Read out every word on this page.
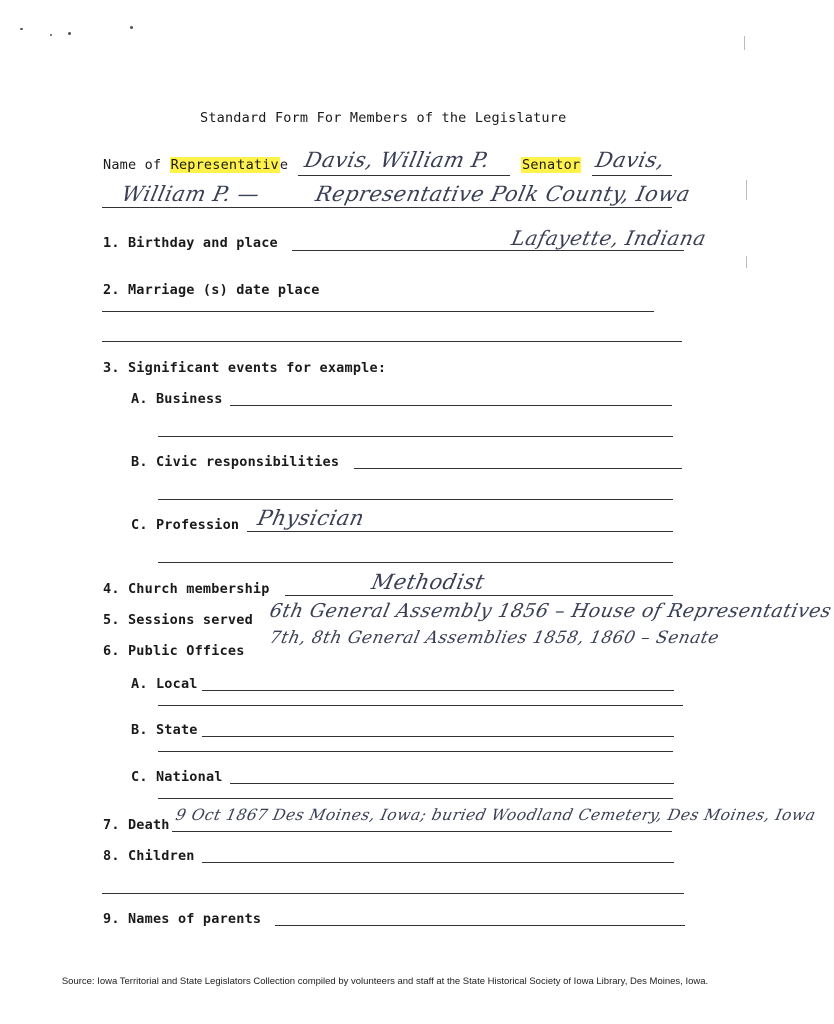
Standard Form For Members of the Legislature
Name of Representative Davis, William P. Senator Davis,
William P. — Representative Polk County, Iowa
1. Birthday and place	Lafayette, Indiana
2. Marriage (s) date place
3. Significant events for example:
A. Business
B. Civic responsibilities
C. Profession Physician
4. Church membership	Methodist
5. Sessions served 6th General Assembly 1856 – House of Representatives
6. Public Offices
7th, 8th General Assemblies 1858, 1860 – Senate
A. Local
B. State
C. National
7. Death
9 Oct 1867 Des Moines, Iowa; buried Woodland Cemetery, Des Moines, Iowa
8. Children
9. Names of parents
Source: Iowa Territorial and State Legislators Collection compiled by volunteers and staff at the State Historical Society of Iowa Library, Des Moines, Iowa.
